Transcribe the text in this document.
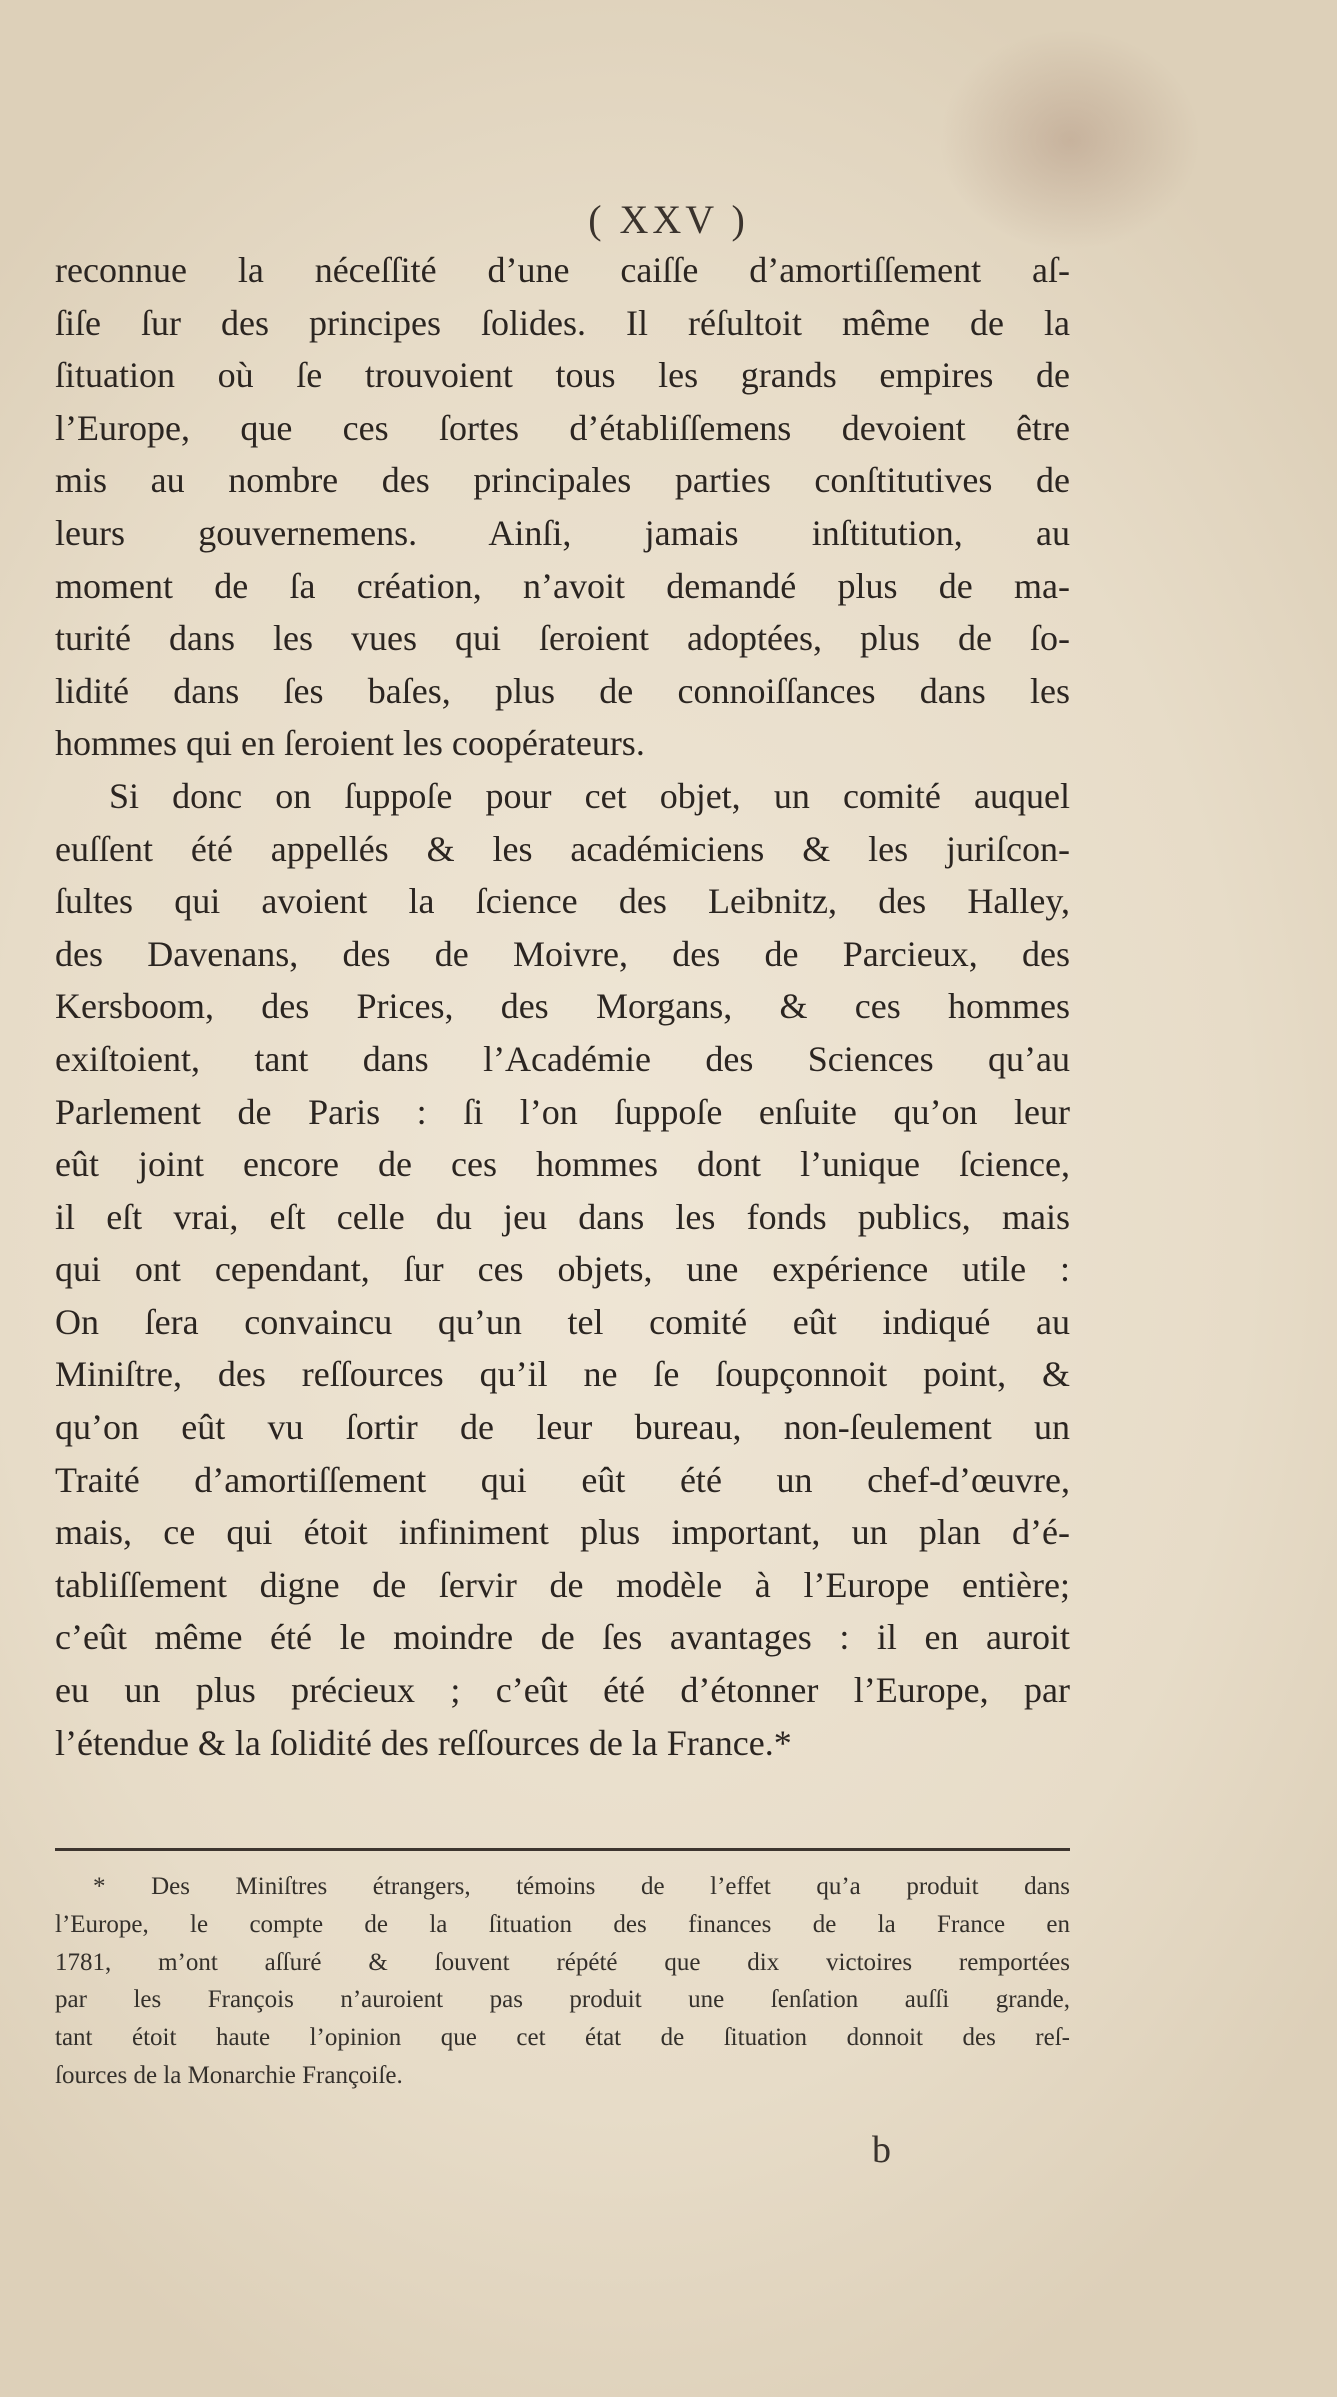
( XXV )
reconnue la néceſſité d’une caiſſe d’amortiſſement aſ-
ſiſe ſur des principes ſolides. Il réſultoit même de la
ſituation où ſe trouvoient tous les grands empires de
l’Europe, que ces ſortes d’établiſſemens devoient être
mis au nombre des principales parties conſtitutives de
leurs gouvernemens. Ainſi, jamais inſtitution, au
moment de ſa création, n’avoit demandé plus de ma-
turité dans les vues qui ſeroient adoptées, plus de ſo-
lidité dans ſes baſes, plus de connoiſſances dans les
hommes qui en ſeroient les coopérateurs.
Si donc on ſuppoſe pour cet objet, un comité auquel
euſſent été appellés & les académiciens & les juriſcon-
ſultes qui avoient la ſcience des Leibnitz, des Halley,
des Davenans, des de Moivre, des de Parcieux, des
Kersboom, des Prices, des Morgans, & ces hommes
exiſtoient, tant dans l’Académie des Sciences qu’au
Parlement de Paris : ſi l’on ſuppoſe enſuite qu’on leur
eût joint encore de ces hommes dont l’unique ſcience,
il eſt vrai, eſt celle du jeu dans les fonds publics, mais
qui ont cependant, ſur ces objets, une expérience utile :
On ſera convaincu qu’un tel comité eût indiqué au
Miniſtre, des reſſources qu’il ne ſe ſoupçonnoit point, &
qu’on eût vu ſortir de leur bureau, non-ſeulement un
Traité d’amortiſſement qui eût été un chef-d’œuvre,
mais, ce qui étoit infiniment plus important, un plan d’é-
tabliſſement digne de ſervir de modèle à l’Europe entière;
c’eût même été le moindre de ſes avantages : il en auroit
eu un plus précieux ; c’eût été d’étonner l’Europe, par
l’étendue & la ſolidité des reſſources de la France.*
* Des Miniſtres étrangers, témoins de l’effet qu’a produit dans
l’Europe, le compte de la ſituation des finances de la France en
1781, m’ont aſſuré & ſouvent répété que dix victoires remportées
par les François n’auroient pas produit une ſenſation auſſi grande,
tant étoit haute l’opinion que cet état de ſituation donnoit des reſ-
ſources de la Monarchie Françoiſe.
b
